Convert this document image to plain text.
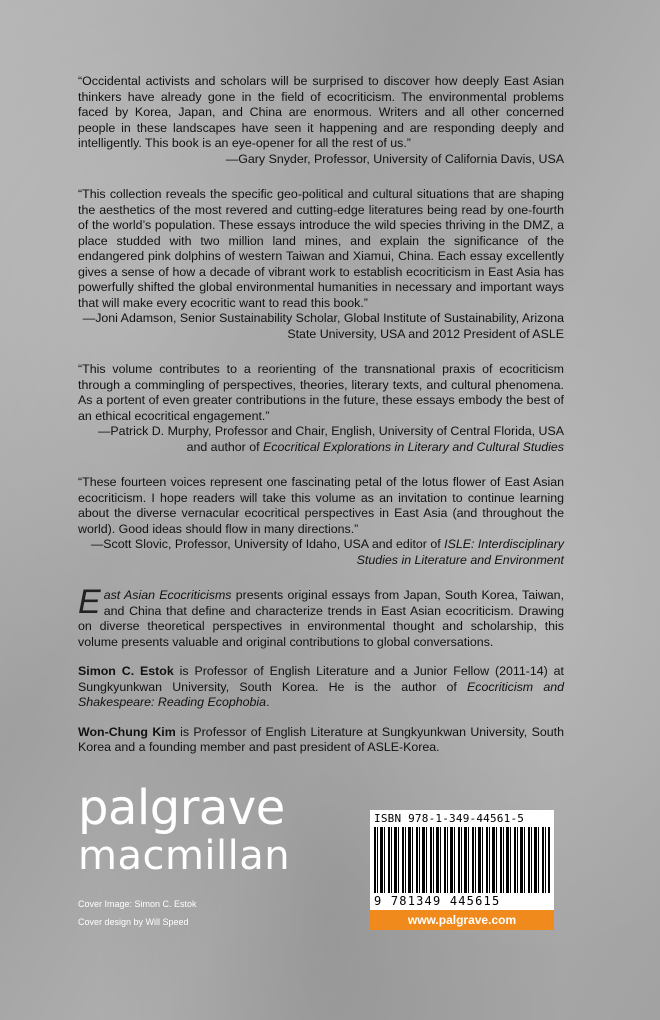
“Occidental activists and scholars will be surprised to discover how deeply East Asian thinkers have already gone in the field of ecocriticism. The environmental problems faced by Korea, Japan, and China are enormous. Writers and all other concerned people in these landscapes have seen it happening and are responding deeply and intelligently. This book is an eye-opener for all the rest of us.”

—Gary Snyder, Professor, University of California Davis, USA

“This collection reveals the specific geo-political and cultural situations that are shaping the aesthetics of the most revered and cutting-edge literatures being read by one-fourth of the world’s population. These essays introduce the wild species thriving in the DMZ, a place studded with two million land mines, and explain the significance of the endangered pink dolphins of western Taiwan and Xiamui, China. Each essay excellently gives a sense of how a decade of vibrant work to establish ecocriticism in East Asia has powerfully shifted the global environmental humanities in necessary and important ways that will make every ecocritic want to read this book.”

—Joni Adamson, Senior Sustainability Scholar, Global Institute of Sustainability, Arizona State University, USA and 2012 President of ASLE

“This volume contributes to a reorienting of the transnational praxis of ecocriticism through a commingling of perspectives, theories, literary texts, and cultural phenomena. As a portent of even greater contributions in the future, these essays embody the best of an ethical ecocritical engagement.”

—Patrick D. Murphy, Professor and Chair, English, University of Central Florida, USA and author of Ecocritical Explorations in Literary and Cultural Studies

“These fourteen voices represent one fascinating petal of the lotus flower of East Asian ecocriticism. I hope readers will take this volume as an invitation to continue learning about the diverse vernacular ecocritical perspectives in East Asia (and throughout the world). Good ideas should flow in many directions.”

—Scott Slovic, Professor, University of Idaho, USA and editor of ISLE: Interdisciplinary Studies in Literature and Environment

East Asian Ecocriticisms presents original essays from Japan, South Korea, Taiwan, and China that define and characterize trends in East Asian ecocriticism. Drawing on diverse theoretical perspectives in environmental thought and scholarship, this volume presents valuable and original contributions to global conversations.

Simon C. Estok is Professor of English Literature and a Junior Fellow (2011-14) at Sungkyunkwan University, South Korea. He is the author of Ecocriticism and Shakespeare: Reading Ecophobia.

Won-Chung Kim is Professor of English Literature at Sungkyunkwan University, South Korea and a founding member and past president of ASLE-Korea.

palgrave
macmillan
Cover Image: Simon C. Estok
Cover design by Will Speed
ISBN 978-1-349-44561-5
9 781349 445615
www.palgrave.com
